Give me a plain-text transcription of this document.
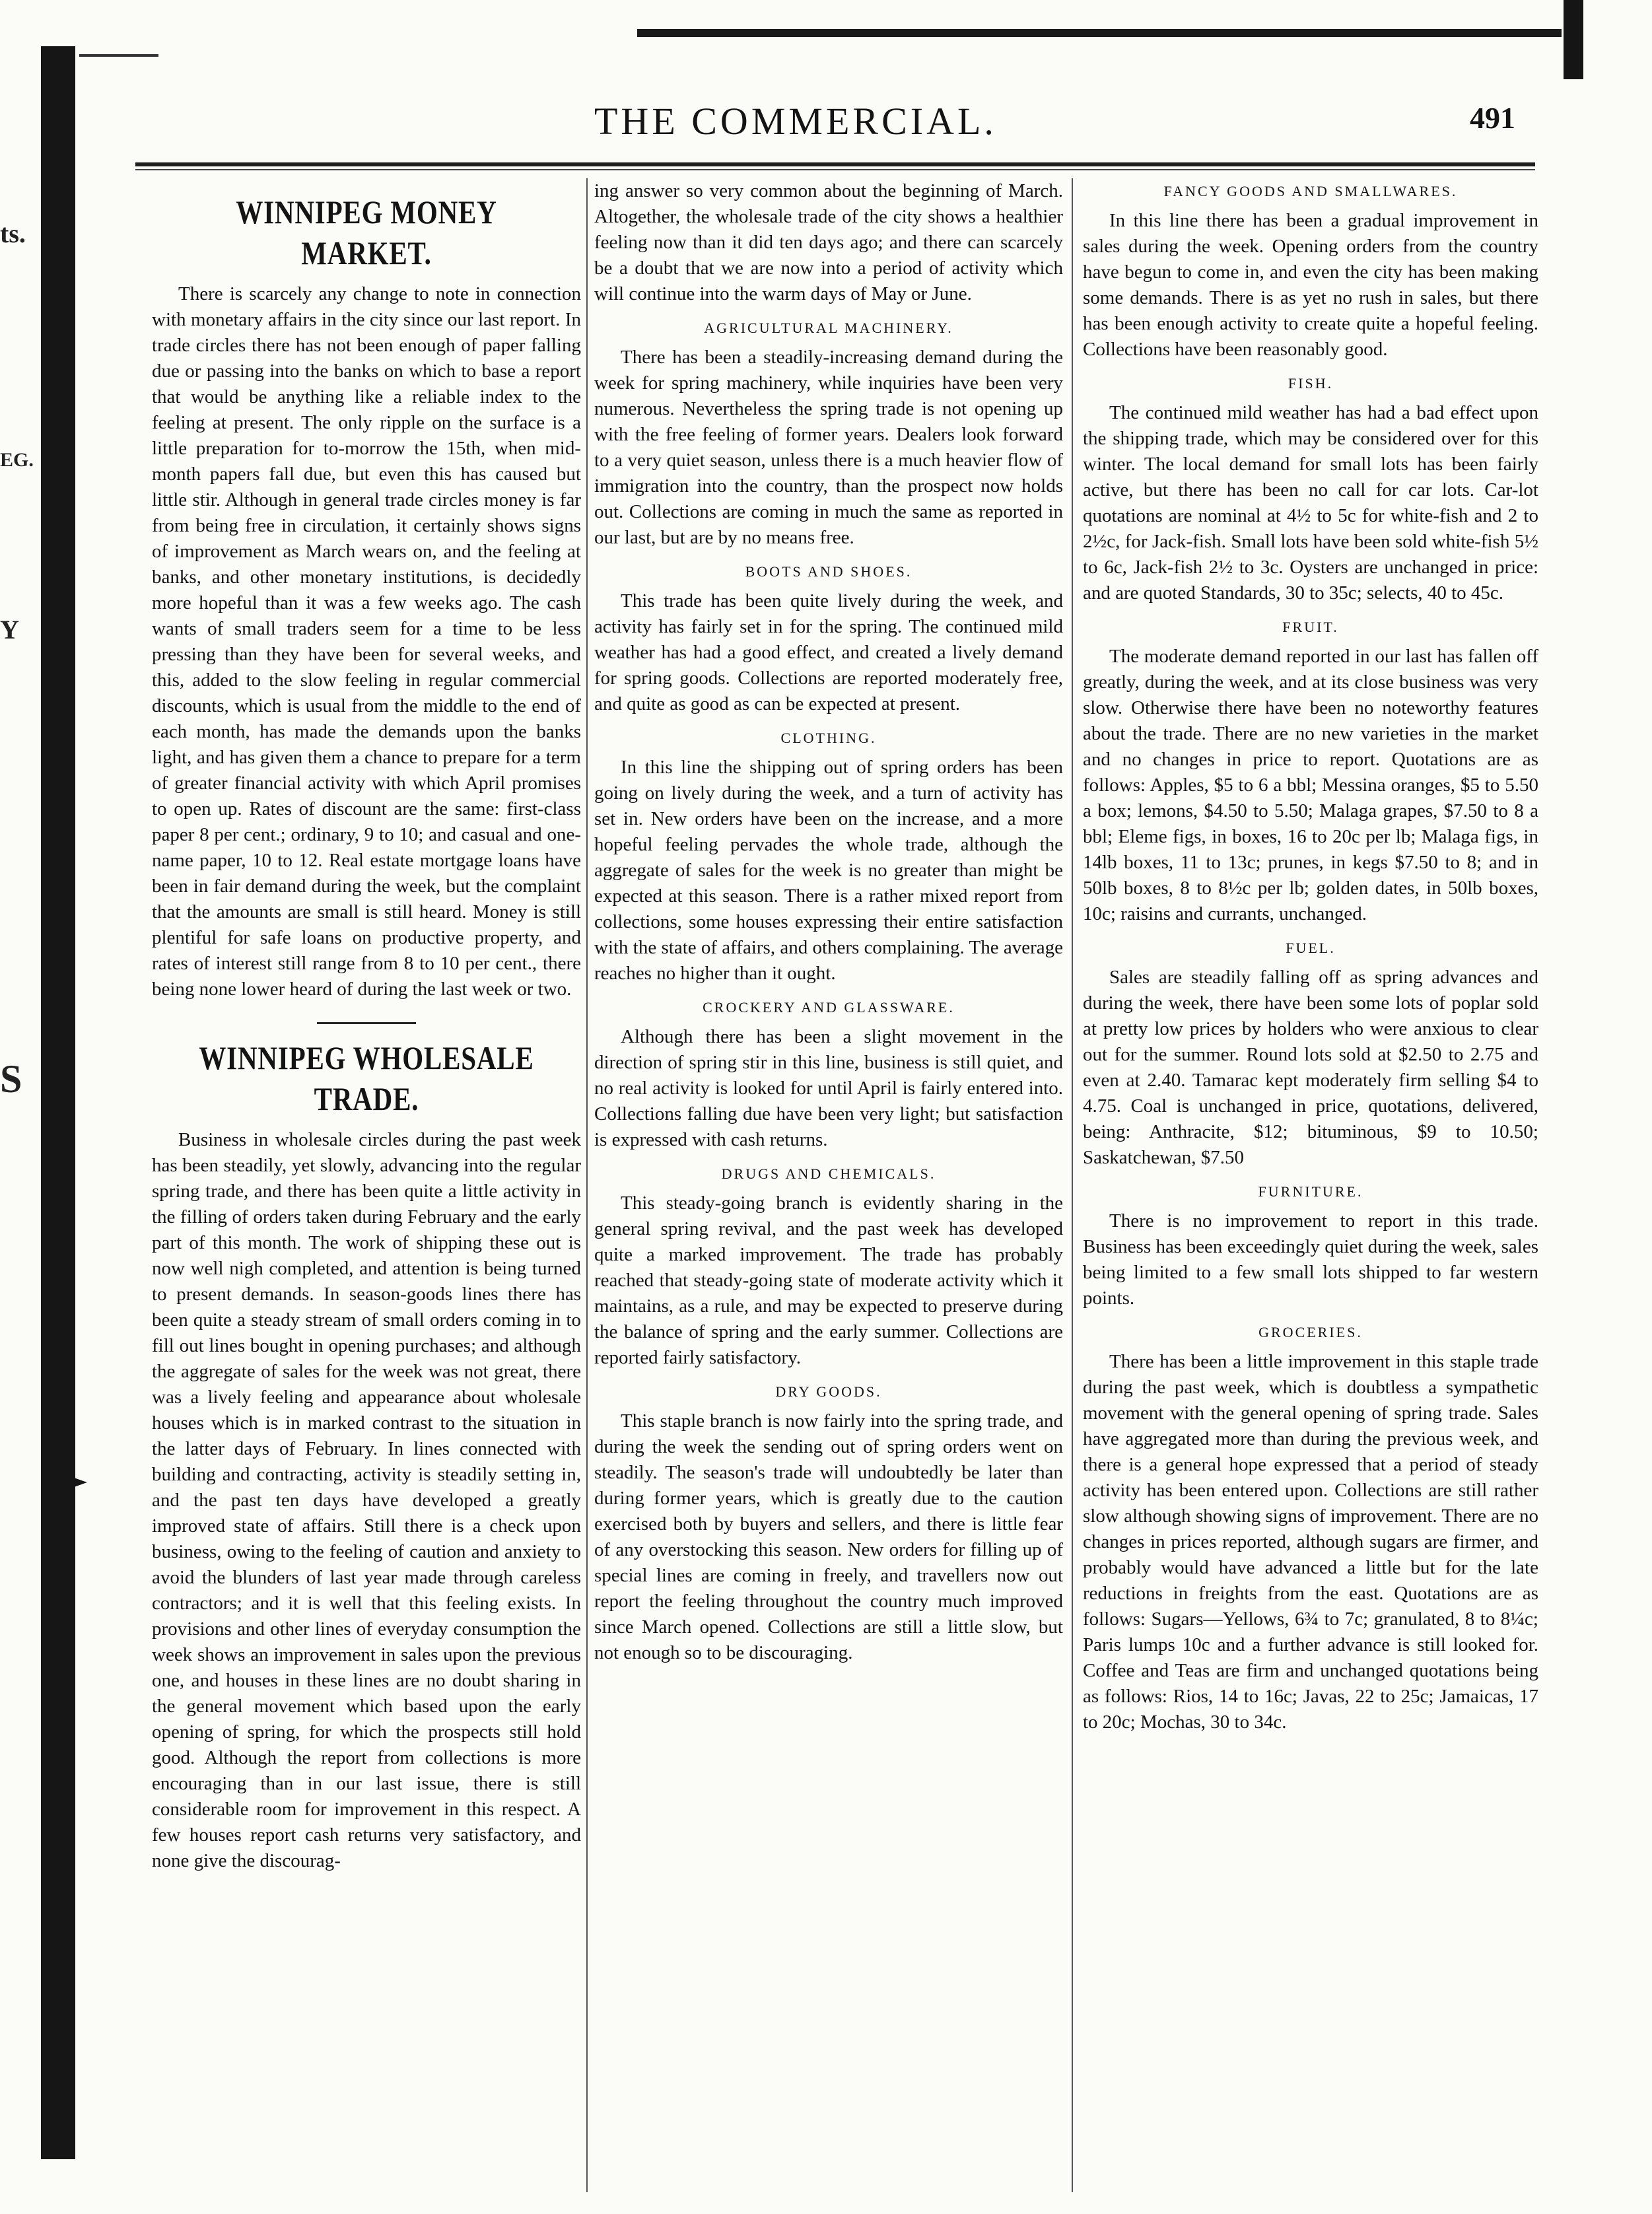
ts.
EG.
Y
S
THE COMMERCIAL.	491
WINNIPEG MONEY MARKET.

There is scarcely any change to note in connection with monetary affairs in the city since our last report. In trade circles there has not been enough of paper falling due or passing into the banks on which to base a report that would be anything like a reliable index to the feeling at present. The only ripple on the surface is a little preparation for to-morrow the 15th, when mid-month papers fall due, but even this has caused but little stir. Although in general trade circles money is far from being free in circulation, it certainly shows signs of improvement as March wears on, and the feeling at banks, and other monetary institutions, is decidedly more hopeful than it was a few weeks ago. The cash wants of small traders seem for a time to be less pressing than they have been for several weeks, and this, added to the slow feeling in regular commercial discounts, which is usual from the middle to the end of each month, has made the demands upon the banks light, and has given them a chance to prepare for a term of greater financial activity with which April promises to open up. Rates of discount are the same: first-class paper 8 per cent.; ordinary, 9 to 10; and casual and one-name paper, 10 to 12. Real estate mortgage loans have been in fair demand during the week, but the complaint that the amounts are small is still heard. Money is still plentiful for safe loans on productive property, and rates of interest still range from 8 to 10 per cent., there being none lower heard of during the last week or two.

WINNIPEG WHOLESALE TRADE.

Business in wholesale circles during the past week has been steadily, yet slowly, advancing into the regular spring trade, and there has been quite a little activity in the filling of orders taken during February and the early part of this month. The work of shipping these out is now well nigh completed, and attention is being turned to present demands. In season-goods lines there has been quite a steady stream of small orders coming in to fill out lines bought in opening purchases; and although the aggregate of sales for the week was not great, there was a lively feeling and appearance about wholesale houses which is in marked contrast to the situation in the latter days of February. In lines connected with building and contracting, activity is steadily setting in, and the past ten days have developed a greatly improved state of affairs. Still there is a check upon business, owing to the feeling of caution and anxiety to avoid the blunders of last year made through careless contractors; and it is well that this feeling exists. In provisions and other lines of everyday consumption the week shows an improvement in sales upon the previous one, and houses in these lines are no doubt sharing in the general movement which based upon the early opening of spring, for which the prospects still hold good. Although the report from collections is more encouraging than in our last issue, there is still considerable room for improvement in this respect. A few houses report cash returns very satisfactory, and none give the discourag-

ing answer so very common about the beginning of March. Altogether, the wholesale trade of the city shows a healthier feeling now than it did ten days ago; and there can scarcely be a doubt that we are now into a period of activity which will continue into the warm days of May or June.

AGRICULTURAL MACHINERY.

There has been a steadily-increasing demand during the week for spring machinery, while inquiries have been very numerous. Nevertheless the spring trade is not opening up with the free feeling of former years. Dealers look forward to a very quiet season, unless there is a much heavier flow of immigration into the country, than the prospect now holds out. Collections are coming in much the same as reported in our last, but are by no means free.

BOOTS AND SHOES.

This trade has been quite lively during the week, and activity has fairly set in for the spring. The continued mild weather has had a good effect, and created a lively demand for spring goods. Collections are reported moderately free, and quite as good as can be expected at present.

CLOTHING.

In this line the shipping out of spring orders has been going on lively during the week, and a turn of activity has set in. New orders have been on the increase, and a more hopeful feeling pervades the whole trade, although the aggregate of sales for the week is no greater than might be expected at this season. There is a rather mixed report from collections, some houses expressing their entire satisfaction with the state of affairs, and others complaining. The average reaches no higher than it ought.

CROCKERY AND GLASSWARE.

Although there has been a slight movement in the direction of spring stir in this line, business is still quiet, and no real activity is looked for until April is fairly entered into. Collections falling due have been very light; but satisfaction is expressed with cash returns.

DRUGS AND CHEMICALS.

This steady-going branch is evidently sharing in the general spring revival, and the past week has developed quite a marked improvement. The trade has probably reached that steady-going state of moderate activity which it maintains, as a rule, and may be expected to preserve during the balance of spring and the early summer. Collections are reported fairly satisfactory.

DRY GOODS.

This staple branch is now fairly into the spring trade, and during the week the sending out of spring orders went on steadily. The season's trade will undoubtedly be later than during former years, which is greatly due to the caution exercised both by buyers and sellers, and there is little fear of any overstocking this season. New orders for filling up of special lines are coming in freely, and travellers now out report the feeling throughout the country much improved since March opened. Collections are still a little slow, but not enough so to be discouraging.

FANCY GOODS AND SMALLWARES.

In this line there has been a gradual improvement in sales during the week. Opening orders from the country have begun to come in, and even the city has been making some demands. There is as yet no rush in sales, but there has been enough activity to create quite a hopeful feeling. Collections have been reasonably good.

FISH.

The continued mild weather has had a bad effect upon the shipping trade, which may be considered over for this winter. The local demand for small lots has been fairly active, but there has been no call for car lots. Car-lot quotations are nominal at 4½ to 5c for white-fish and 2 to 2½c, for Jack-fish. Small lots have been sold white-fish 5½ to 6c, Jack-fish 2½ to 3c. Oysters are unchanged in price: and are quoted Standards, 30 to 35c; selects, 40 to 45c.

FRUIT.

The moderate demand reported in our last has fallen off greatly, during the week, and at its close business was very slow. Otherwise there have been no noteworthy features about the trade. There are no new varieties in the market and no changes in price to report. Quotations are as follows: Apples, $5 to 6 a bbl; Messina oranges, $5 to 5.50 a box; lemons, $4.50 to 5.50; Malaga grapes, $7.50 to 8 a bbl; Eleme figs, in boxes, 16 to 20c per lb; Malaga figs, in 14lb boxes, 11 to 13c; prunes, in kegs $7.50 to 8; and in 50lb boxes, 8 to 8½c per lb; golden dates, in 50lb boxes, 10c; raisins and currants, unchanged.

FUEL.

Sales are steadily falling off as spring advances and during the week, there have been some lots of poplar sold at pretty low prices by holders who were anxious to clear out for the summer. Round lots sold at $2.50 to 2.75 and even at 2.40. Tamarac kept moderately firm selling $4 to 4.75. Coal is unchanged in price, quotations, delivered, being: Anthracite, $12; bituminous, $9 to 10.50; Saskatchewan, $7.50

FURNITURE.

There is no improvement to report in this trade. Business has been exceedingly quiet during the week, sales being limited to a few small lots shipped to far western points.

GROCERIES.

There has been a little improvement in this staple trade during the past week, which is doubtless a sympathetic movement with the general opening of spring trade. Sales have aggregated more than during the previous week, and there is a general hope expressed that a period of steady activity has been entered upon. Collections are still rather slow although showing signs of improvement. There are no changes in prices reported, although sugars are firmer, and probably would have advanced a little but for the late reductions in freights from the east. Quotations are as follows: Sugars—Yellows, 6¾ to 7c; granulated, 8 to 8¼c; Paris lumps 10c and a further advance is still looked for. Coffee and Teas are firm and unchanged quotations being as follows: Rios, 14 to 16c; Javas, 22 to 25c; Jamaicas, 17 to 20c; Mochas, 30 to 34c.
